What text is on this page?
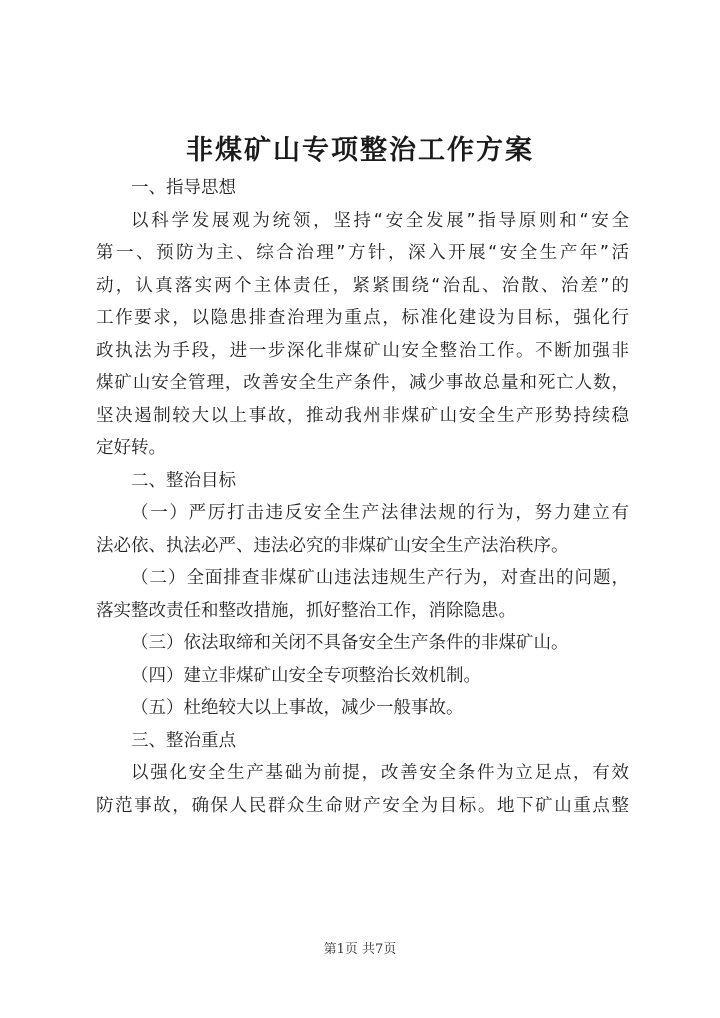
非煤矿山专项整治工作方案
一、指导思想
以科学发展观为统领，坚持“安全发展”指导原则和“安全
第一、预防为主、综合治理”方针，深入开展“安全生产年”活
动，认真落实两个主体责任，紧紧围绕“治乱、治散、治差”的
工作要求，以隐患排查治理为重点，标准化建设为目标，强化行
政执法为手段，进一步深化非煤矿山安全整治工作。不断加强非
煤矿山安全管理，改善安全生产条件，减少事故总量和死亡人数，
坚决遏制较大以上事故，推动我州非煤矿山安全生产形势持续稳
定好转。
二、整治目标
（一）严厉打击违反安全生产法律法规的行为，努力建立有
法必依、执法必严、违法必究的非煤矿山安全生产法治秩序。
（二）全面排查非煤矿山违法违规生产行为，对查出的问题，
落实整改责任和整改措施，抓好整治工作，消除隐患。
（三）依法取缔和关闭不具备安全生产条件的非煤矿山。
（四）建立非煤矿山安全专项整治长效机制。
（五）杜绝较大以上事故，减少一般事故。
三、整治重点
以强化安全生产基础为前提，改善安全条件为立足点，有效
防范事故，确保人民群众生命财产安全为目标。地下矿山重点整
第1页 共7页
